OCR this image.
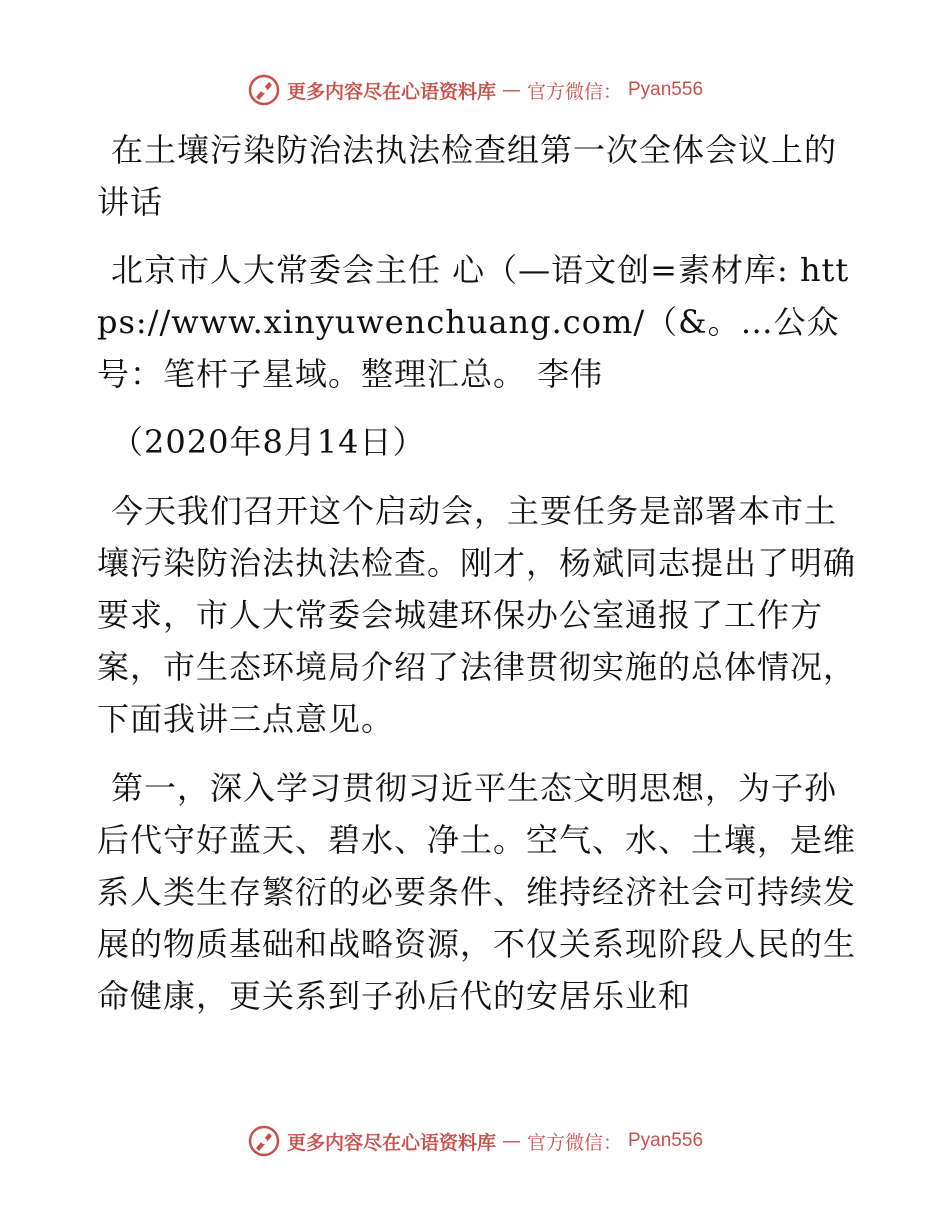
更多内容尽在心语资料库 — 官方微信： Pyan556

在土壤污染防治法执法检查组第一次全体会议上的讲话

北京市人大常委会主任 心（—语文创=素材库: https://www.xinyuwenchuang.com/（&。…公众号：笔杆子星域。整理汇总。 李伟

（2020年8月14日）

今天我们召开这个启动会，主要任务是部署本市土壤污染防治法执法检查。刚才，杨斌同志提出了明确要求，市人大常委会城建环保办公室通报了工作方案，市生态环境局介绍了法律贯彻实施的总体情况，下面我讲三点意见。

第一，深入学习贯彻习近平生态文明思想，为子孙后代守好蓝天、碧水、净土。空气、水、土壤，是维系人类生存繁衍的必要条件、维持经济社会可持续发展的物质基础和战略资源，不仅关系现阶段人民的生命健康，更关系到子孙后代的安居乐业和

更多内容尽在心语资料库 — 官方微信： Pyan556
